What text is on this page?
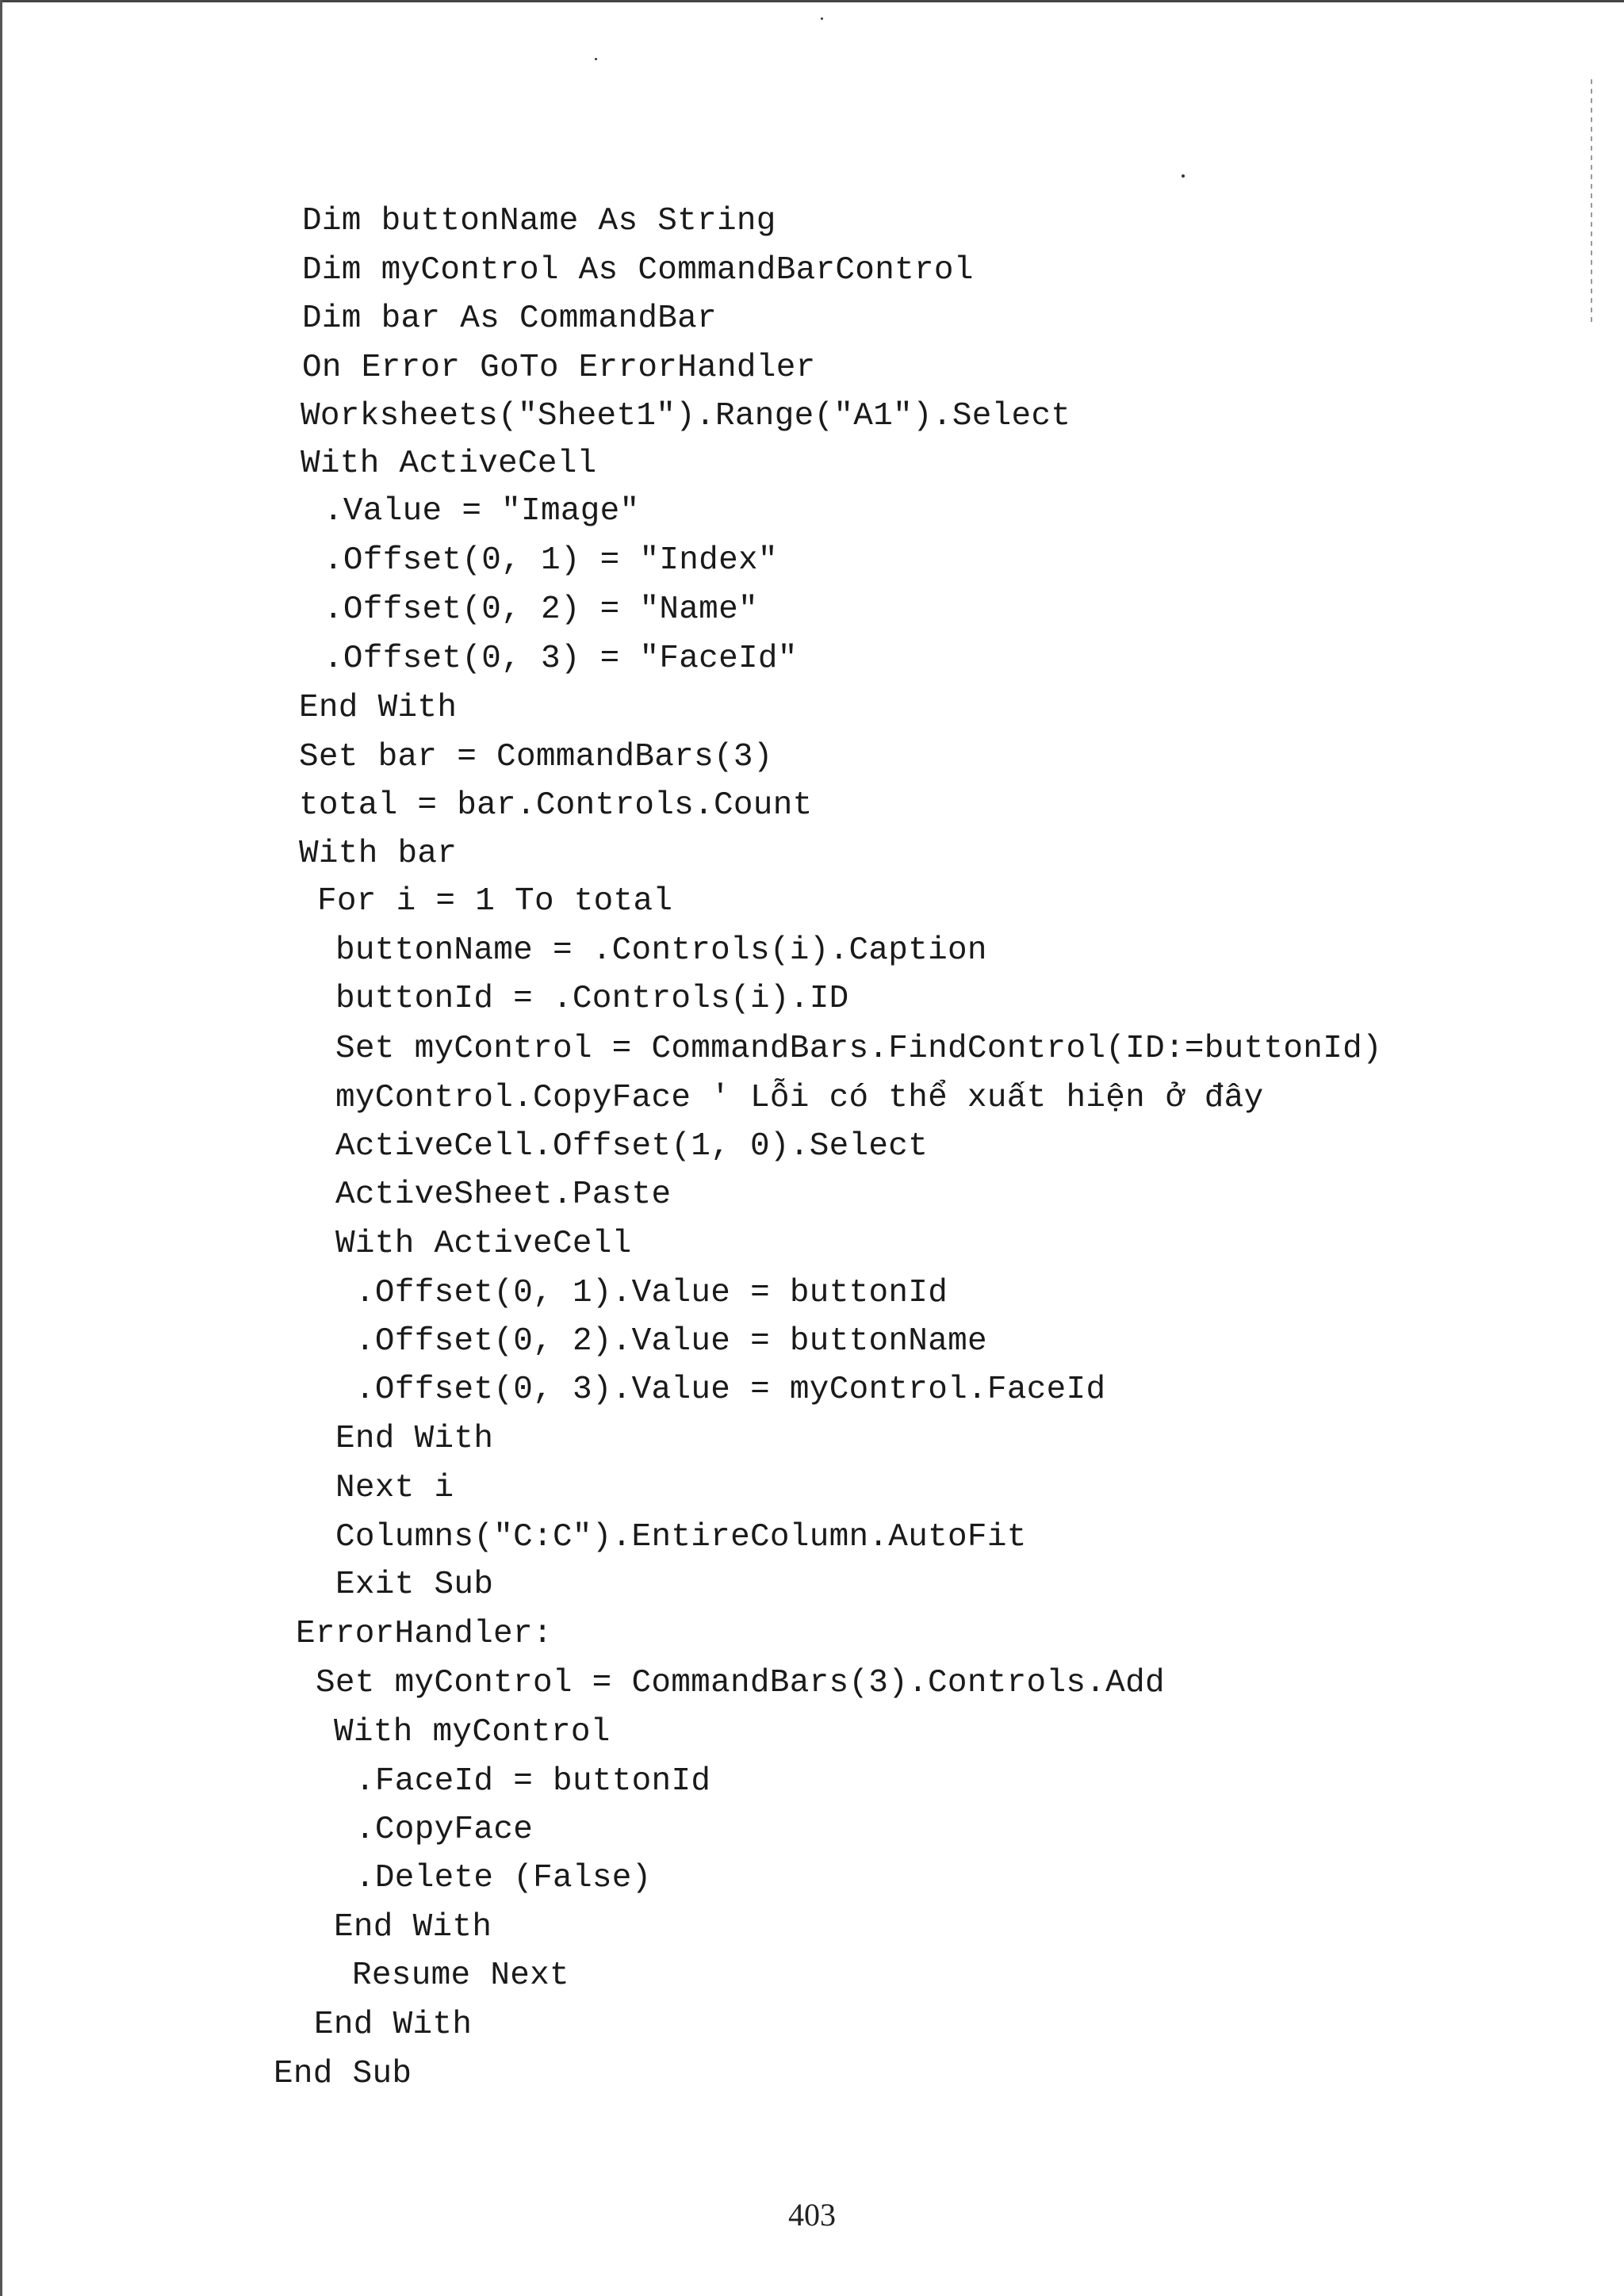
Dim buttonName As String
Dim myControl As CommandBarControl
Dim bar As CommandBar
On Error GoTo ErrorHandler
Worksheets("Sheet1").Range("A1").Select
With ActiveCell
.Value = "Image"
.Offset(0, 1) = "Index"
.Offset(0, 2) = "Name"
.Offset(0, 3) = "FaceId"
End With
Set bar = CommandBars(3)
total = bar.Controls.Count
With bar
For i = 1 To total
buttonName = .Controls(i).Caption
buttonId = .Controls(i).ID
Set myControl = CommandBars.FindControl(ID:=buttonId)
myControl.CopyFace ' Lỗi có thể xuất hiện ở đây
ActiveCell.Offset(1, 0).Select
ActiveSheet.Paste
With ActiveCell
.Offset(0, 1).Value = buttonId
.Offset(0, 2).Value = buttonName
.Offset(0, 3).Value = myControl.FaceId
End With
Next i
Columns("C:C").EntireColumn.AutoFit
Exit Sub
ErrorHandler:
Set myControl = CommandBars(3).Controls.Add
With myControl
.FaceId = buttonId
.CopyFace
.Delete (False)
End With
Resume Next
End With
End Sub
403
